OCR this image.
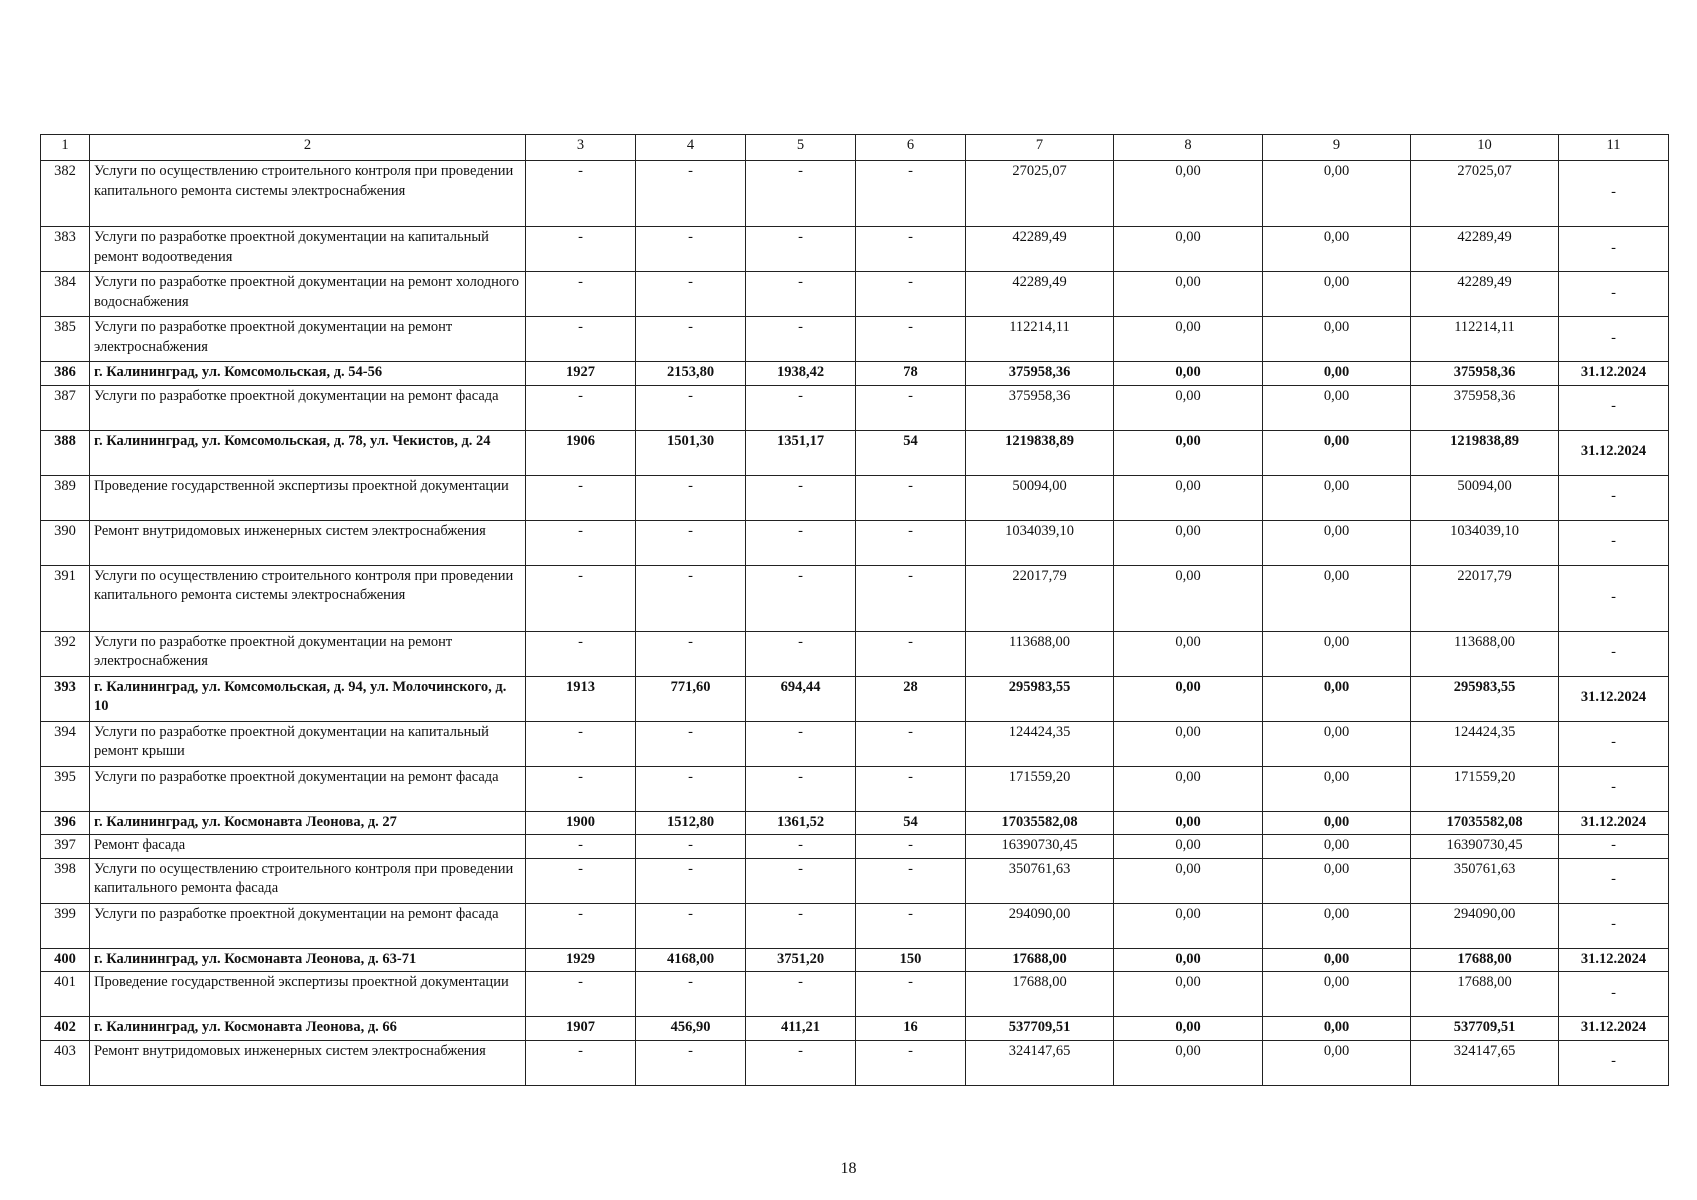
1	2	3	4	5	6	7	8	9	10	11
382	Услуги по осуществлению строительного контроля при проведении капитального ремонта системы электроснабжения	-	-	-	-	27025,07	0,00	0,00	27025,07	-
383	Услуги по разработке проектной документации на капитальный ремонт водоотведения	-	-	-	-	42289,49	0,00	0,00	42289,49	-
384	Услуги по разработке проектной документации на ремонт холодного водоснабжения	-	-	-	-	42289,49	0,00	0,00	42289,49	-
385	Услуги по разработке проектной документации на ремонт электроснабжения	-	-	-	-	112214,11	0,00	0,00	112214,11	-
386	г. Калининград, ул. Комсомольская, д. 54-56	1927	2153,80	1938,42	78	375958,36	0,00	0,00	375958,36	31.12.2024
387	Услуги по разработке проектной документации на ремонт фасада	-	-	-	-	375958,36	0,00	0,00	375958,36	-
388	г. Калининград, ул. Комсомольская, д. 78, ул. Чекистов, д. 24	1906	1501,30	1351,17	54	1219838,89	0,00	0,00	1219838,89	31.12.2024
389	Проведение государственной экспертизы проектной документации	-	-	-	-	50094,00	0,00	0,00	50094,00	-
390	Ремонт внутридомовых инженерных систем электроснабжения	-	-	-	-	1034039,10	0,00	0,00	1034039,10	-
391	Услуги по осуществлению строительного контроля при проведении капитального ремонта системы электроснабжения	-	-	-	-	22017,79	0,00	0,00	22017,79	-
392	Услуги по разработке проектной документации на ремонт электроснабжения	-	-	-	-	113688,00	0,00	0,00	113688,00	-
393	г. Калининград, ул. Комсомольская, д. 94, ул. Молочинского, д. 10	1913	771,60	694,44	28	295983,55	0,00	0,00	295983,55	31.12.2024
394	Услуги по разработке проектной документации на капитальный ремонт крыши	-	-	-	-	124424,35	0,00	0,00	124424,35	-
395	Услуги по разработке проектной документации на ремонт фасада	-	-	-	-	171559,20	0,00	0,00	171559,20	-
396	г. Калининград, ул. Космонавта Леонова, д. 27	1900	1512,80	1361,52	54	17035582,08	0,00	0,00	17035582,08	31.12.2024
397	Ремонт фасада	-	-	-	-	16390730,45	0,00	0,00	16390730,45	-
398	Услуги по осуществлению строительного контроля при проведении капитального ремонта фасада	-	-	-	-	350761,63	0,00	0,00	350761,63	-
399	Услуги по разработке проектной документации на ремонт фасада	-	-	-	-	294090,00	0,00	0,00	294090,00	-
400	г. Калининград, ул. Космонавта Леонова, д. 63-71	1929	4168,00	3751,20	150	17688,00	0,00	0,00	17688,00	31.12.2024
401	Проведение государственной экспертизы проектной документации	-	-	-	-	17688,00	0,00	0,00	17688,00	-
402	г. Калининград, ул. Космонавта Леонова, д. 66	1907	456,90	411,21	16	537709,51	0,00	0,00	537709,51	31.12.2024
403	Ремонт внутридомовых инженерных систем электроснабжения	-	-	-	-	324147,65	0,00	0,00	324147,65	-
18
